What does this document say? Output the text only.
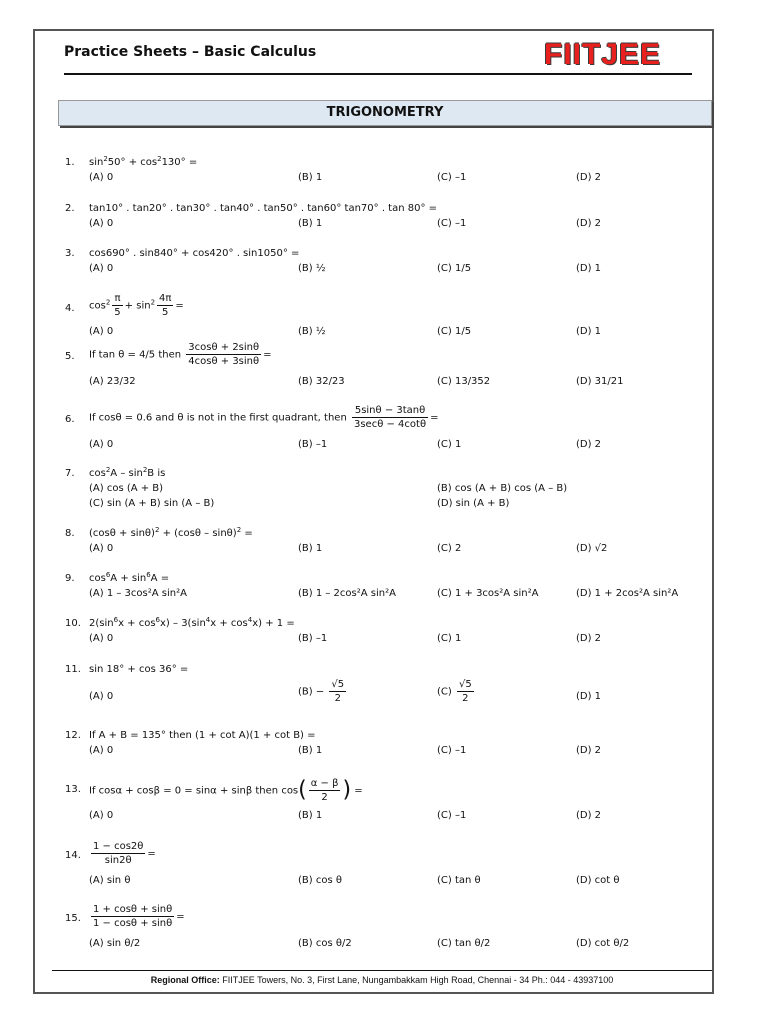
Practice Sheets – Basic Calculus	FIITJEE
TRIGONOMETRY
1. $\sin^250^\circ + \cos^2130^\circ$ =
(A) 0	(B) 1	(C) –1	(D) 2
2. tan10° . tan20° . tan30° . tan40° . tan50° . tan60° tan70° . tan 80° =
(A) 0	(B) 1	(C) –1	(D) 2
3. cos690° . sin840° + cos420° . sin1050° =
(A) 0	(B) ½	(C) 1/5	(D) 1
4. $\cos^2 \frac{\pi}{5} + \sin^2 \frac{4\pi}{5}$ =
(A) 0	(B) ½	(C) 1/5	(D) 1
5. If tan θ = 4/5 then $\frac{3\cos\theta + 2\sin\theta}{4\cos\theta + 3\sin\theta}$ =
(A) 23/32	(B) 32/23	(C) 13/352	(D) 31/21
6. If cosθ = 0.6 and θ is not in the first quadrant, then $\frac{5\sin\theta - 3\tan\theta}{3\sec\theta - 4\cot\theta}$ =
(A) 0	(B) –1	(C) 1	(D) 2
7. $\cos^2A - \sin^2B$ is
(A) cos (A + B)	(B) cos (A + B) cos (A – B)
(C) sin (A + B) sin (A – B)	(D) sin (A + B)
8. $(\cos\theta + \sin\theta)^2 + (\cos\theta - \sin\theta)^2$ =
(A) 0	(B) 1	(C) 2	(D) √2
9. $\cos^6A + \sin^6A$ =
(A) 1 – 3cos²A sin²A	(B) 1 – 2cos²A sin²A	(C) 1 + 3cos²A sin²A	(D) 1 + 2cos²A sin²A
10. $2(\sin^6x + \cos^6x) - 3(\sin^4x + \cos^4x) + 1$ =
(A) 0	(B) –1	(C) 1	(D) 2
11. sin 18° + cos 36° =
(A) 0	$(B) - \frac{√5}{2}$	$(C) \frac{√5}{2}$	(D) 1
12. If A + B = 135° then (1 + cot A)(1 + cot B) =
(A) 0	(B) 1	(C) –1	(D) 2
13. If cosα + cosβ = 0 = sinα + sinβ then $\cos( \frac{\alpha - \beta}{2}$ ) =
(A) 0	(B) 1	(C) –1	(D) 2
14. $\frac{1 - \cos 2\theta}{\sin 2\theta}$ =
(A) sin θ	(B) cos θ	(C) tan θ	(D) cot θ
15. $\frac{1 + \cos\theta + \sin\theta}{1 - \cos\theta + \sin\theta}$ =
(A) sin θ/2	(B) cos θ/2	(C) tan θ/2	(D) cot θ/2
Regional Office: FIITJEE Towers, No. 3, First Lane, Nungambakkam High Road, Chennai - 34 Ph.: 044 - 43937100
